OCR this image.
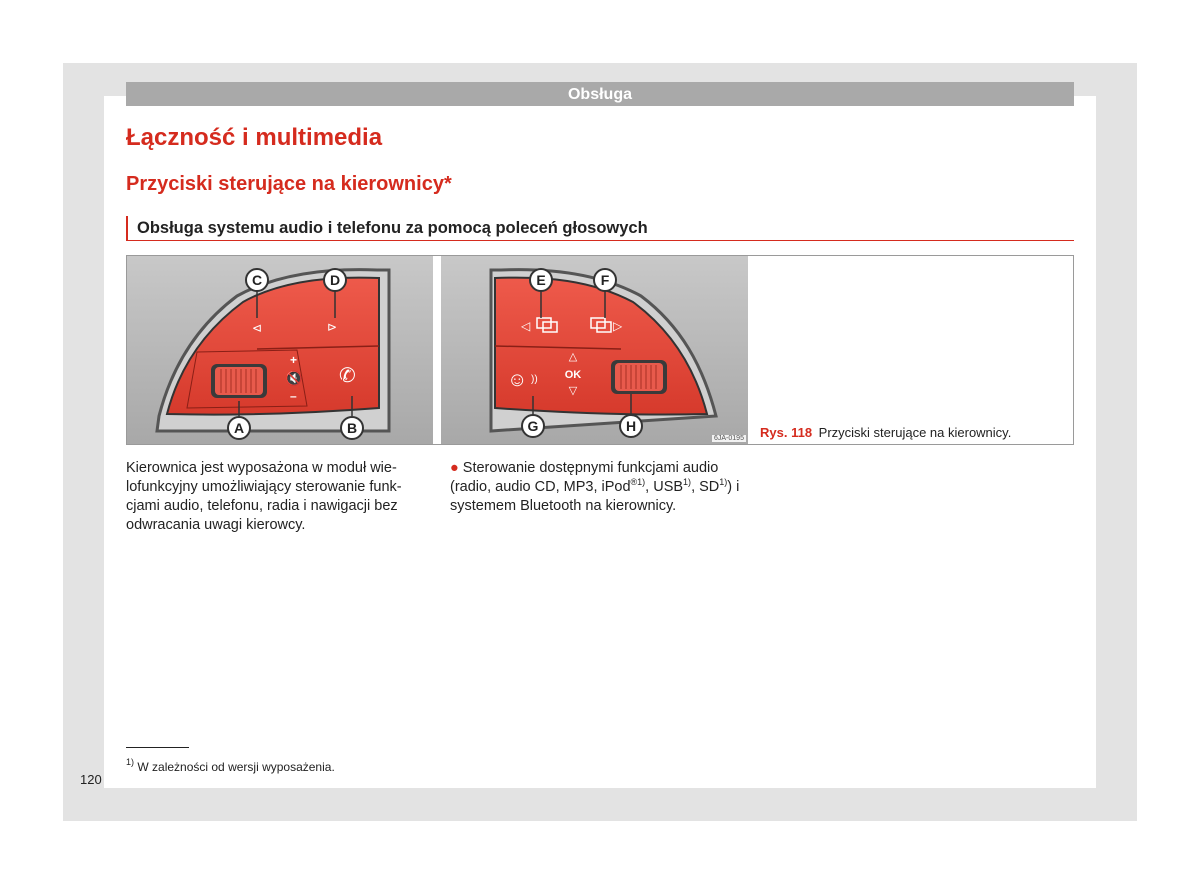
Obsługa
Łączność i multimedia
Przyciski sterujące na kierownicy*
Obsługa systemu audio i telefonu za pomocą poleceń głosowych
+
🔇
–
✆
⊲	⊳
C	D
A	B
△
OK
▽
☺ ))
◁	▷
E	F
G	H
6JA-0195 Rys. 118 Przyciski sterujące na kierownicy.
Kierownica jest wyposażona w moduł wielofunkcyjny umożliwiający sterowanie funkcjami audio, telefonu, radia i nawigacji bez odwracania uwagi kierowcy.
● Sterowanie dostępnymi funkcjami audio (radio, audio CD, MP3, iPod$^{®1)}$, USB$^{1)}$, SD$^{1)}$) i systemem Bluetooth na kierownicy.
$^{1)}$ W zależności od wersji wyposażenia.
120
